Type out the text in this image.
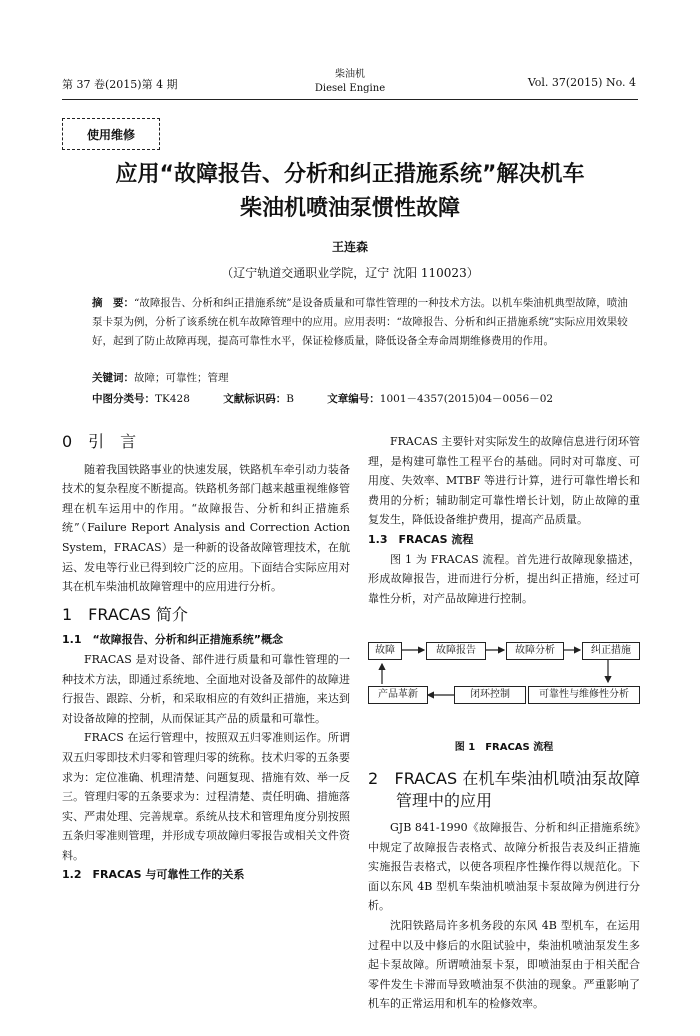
第 37 卷(2015)第 4 期
柴油机
Diesel Engine	Vol. 37(2015) No. 4
使用维修
应用“故障报告、分析和纠正措施系统”解决机车
柴油机喷油泵惯性故障
王连森
（辽宁轨道交通职业学院，辽宁 沈阳 110023）
摘　要：“故障报告、分析和纠正措施系统”是设备质量和可靠性管理的一种技术方法。以机车柴油机典型故障，喷油泵卡泵为例，分析了该系统在机车故障管理中的应用。应用表明：“故障报告、分析和纠正措施系统”实际应用效果较好，起到了防止故障再现，提高可靠性水平，保证检修质量，降低设备全寿命周期维修费用的作用。
关键词：故障；可靠性；管理
中图分类号：TK428	文献标识码：B	文章编号：1001－4357(2015)04－0056－02
0　引　言

随着我国铁路事业的快速发展，铁路机车牵引动力装备技术的复杂程度不断提高。铁路机务部门越来越重视维修管理在机车运用中的作用。“故障报告、分析和纠正措施系统”（Failure Report Analysis and Correction Action System，FRACAS）是一种新的设备故障管理技术，在航运、发电等行业已得到较广泛的应用。下面结合实际应用对其在机车柴油机故障管理中的应用进行分析。

1　FRACAS 简介
1.1　“故障报告、分析和纠正措施系统”概念

FRACAS 是对设备、部件进行质量和可靠性管理的一种技术方法，即通过系统地、全面地对设备及部件的故障进行报告、跟踪、分析，和采取相应的有效纠正措施，来达到对设备故障的控制，从而保证其产品的质量和可靠性。

FRACS 在运行管理中，按照双五归零准则运作。所谓双五归零即技术归零和管理归零的统称。技术归零的五条要求为：定位准确、机理清楚、问题复现、措施有效、举一反三。管理归零的五条要求为：过程清楚、责任明确、措施落实、严肃处理、完善规章。系统从技术和管理角度分别按照五条归零准则管理，并形成专项故障归零报告或相关文件资料。

1.2　FRACAS 与可靠性工作的关系

FRACAS 主要针对实际发生的故障信息进行闭环管理，是构建可靠性工程平台的基础。同时对可靠度、可用度、失效率、MTBF 等进行计算，进行可靠性增长和费用的分析；辅助制定可靠性增长计划，防止故障的重复发生，降低设备维护费用，提高产品质量。

1.3　FRACAS 流程

图 1 为 FRACAS 流程。首先进行故障现象描述，形成故障报告，进而进行分析，提出纠正措施，经过可靠性分析，对产品故障进行控制。

故障	故障报告	故障分析	纠正措施
产品革新	闭环控制	可靠性与维修性分析
图 1　FRACAS 流程
2　FRACAS 在机车柴油机喷油泵故障管理中的应用

GJB 841-1990《故障报告、分析和纠正措施系统》中规定了故障报告表格式、故障分析报告表及纠正措施实施报告表格式，以使各项程序性操作得以规范化。下面以东风 4B 型机车柴油机喷油泵卡泵故障为例进行分析。

沈阳铁路局许多机务段的东风 4B 型机车，在运用过程中以及中修后的水阻试验中，柴油机喷油泵发生多起卡泵故障。所谓喷油泵卡泵，即喷油泵由于相关配合零件发生卡滞而导致喷油泵不供油的现象。严重影响了机车的正常运用和机车的检修效率。
